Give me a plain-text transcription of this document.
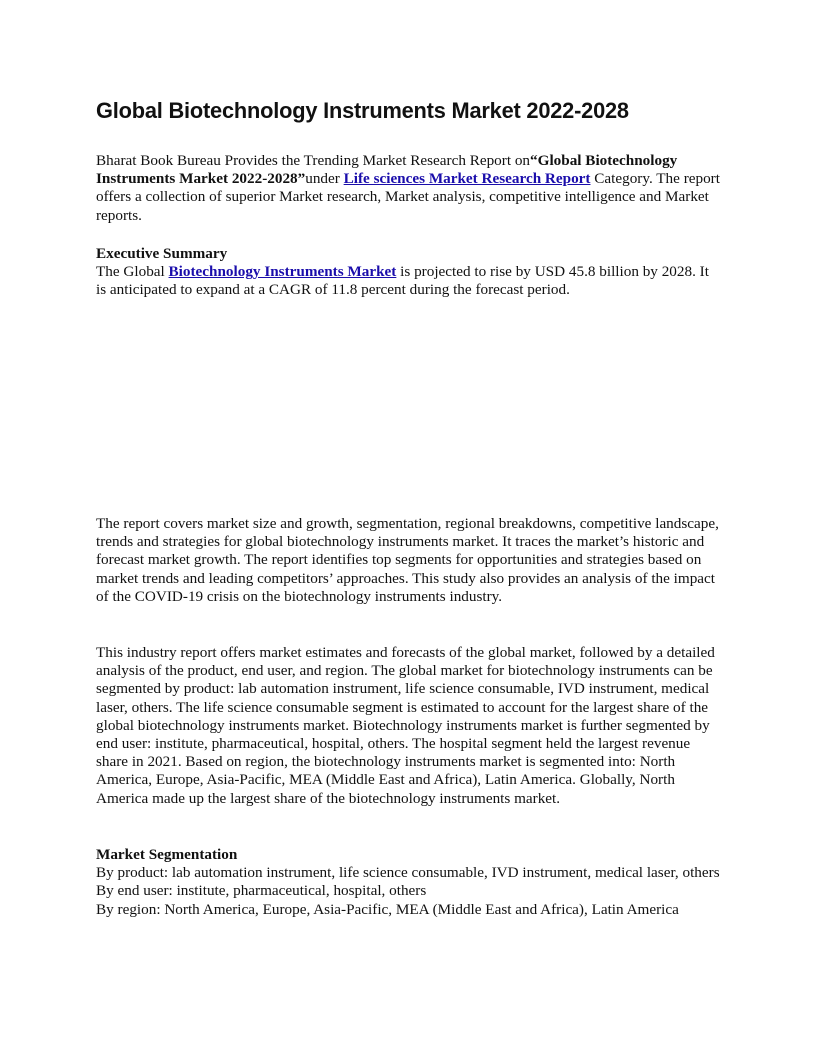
Global Biotechnology Instruments Market 2022-2028

Bharat Book Bureau Provides the Trending Market Research Report on“Global Biotechnology Instruments Market 2022-2028”under Life sciences Market Research Report Category. The report offers a collection of superior Market research, Market analysis, competitive intelligence and Market reports.

Executive Summary

The Global Biotechnology Instruments Market is projected to rise by USD 45.8 billion by 2028. It is anticipated to expand at a CAGR of 11.8 percent during the forecast period.

The report covers market size and growth, segmentation, regional breakdowns, competitive landscape, trends and strategies for global biotechnology instruments market. It traces the market’s historic and forecast market growth. The report identifies top segments for opportunities and strategies based on market trends and leading competitors’ approaches. This study also provides an analysis of the impact of the COVID-19 crisis on the biotechnology instruments industry.

This industry report offers market estimates and forecasts of the global market, followed by a detailed analysis of the product, end user, and region. The global market for biotechnology instruments can be segmented by product: lab automation instrument, life science consumable, IVD instrument, medical laser, others. The life science consumable segment is estimated to account for the largest share of the global biotechnology instruments market. Biotechnology instruments market is further segmented by end user: institute, pharmaceutical, hospital, others. The hospital segment held the largest revenue share in 2021. Based on region, the biotechnology instruments market is segmented into: North America, Europe, Asia-Pacific, MEA (Middle East and Africa), Latin America. Globally, North America made up the largest share of the biotechnology instruments market.

Market Segmentation

By product: lab automation instrument, life science consumable, IVD instrument, medical laser, others

By end user: institute, pharmaceutical, hospital, others

By region: North America, Europe, Asia-Pacific, MEA (Middle East and Africa), Latin America
